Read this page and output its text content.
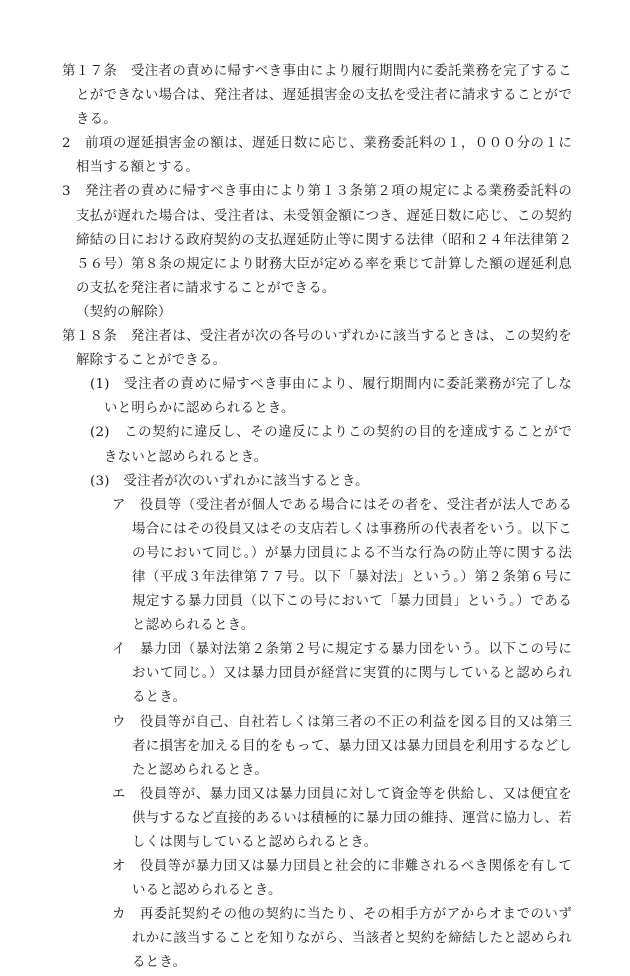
第１７条　受注者の責めに帰すべき事由により履行期間内に委託業務を完了することができない場合は、発注者は、遅延損害金の支払を受注者に請求することができる。

2　前項の遅延損害金の額は、遅延日数に応じ、業務委託料の１，０００分の１に相当する額とする。

3　発注者の責めに帰すべき事由により第１３条第２項の規定による業務委託料の支払が遅れた場合は、受注者は、未受領金額につき、遅延日数に応じ、この契約締結の日における政府契約の支払遅延防止等に関する法律（昭和２４年法律第２５６号）第８条の規定により財務大臣が定める率を乗じて計算した額の遅延利息の支払を発注者に請求することができる。

（契約の解除）

第１８条　発注者は、受注者が次の各号のいずれかに該当するときは、この契約を解除することができる。

(1)　受注者の責めに帰すべき事由により、履行期間内に委託業務が完了しないと明らかに認められるとき。

(2)　この契約に違反し、その違反によりこの契約の目的を達成することができないと認められるとき。

(3)　受注者が次のいずれかに該当するとき。

ア　役員等（受注者が個人である場合にはその者を、受注者が法人である場合にはその役員又はその支店若しくは事務所の代表者をいう。以下この号において同じ。）が暴力団員による不当な行為の防止等に関する法律（平成３年法律第７７号。以下「暴対法」という。）第２条第６号に規定する暴力団員（以下この号において「暴力団員」という。）であると認められるとき。

イ　暴力団（暴対法第２条第２号に規定する暴力団をいう。以下この号において同じ。）又は暴力団員が経営に実質的に関与していると認められるとき。

ウ　役員等が自己、自社若しくは第三者の不正の利益を図る目的又は第三者に損害を加える目的をもって、暴力団又は暴力団員を利用するなどしたと認められるとき。

エ　役員等が、暴力団又は暴力団員に対して資金等を供給し、又は便宜を供与するなど直接的あるいは積極的に暴力団の維持、運営に協力し、若しくは関与していると認められるとき。

オ　役員等が暴力団又は暴力団員と社会的に非難されるべき関係を有していると認められるとき。

カ　再委託契約その他の契約に当たり、その相手方がアからオまでのいずれかに該当することを知りながら、当該者と契約を締結したと認められるとき。
